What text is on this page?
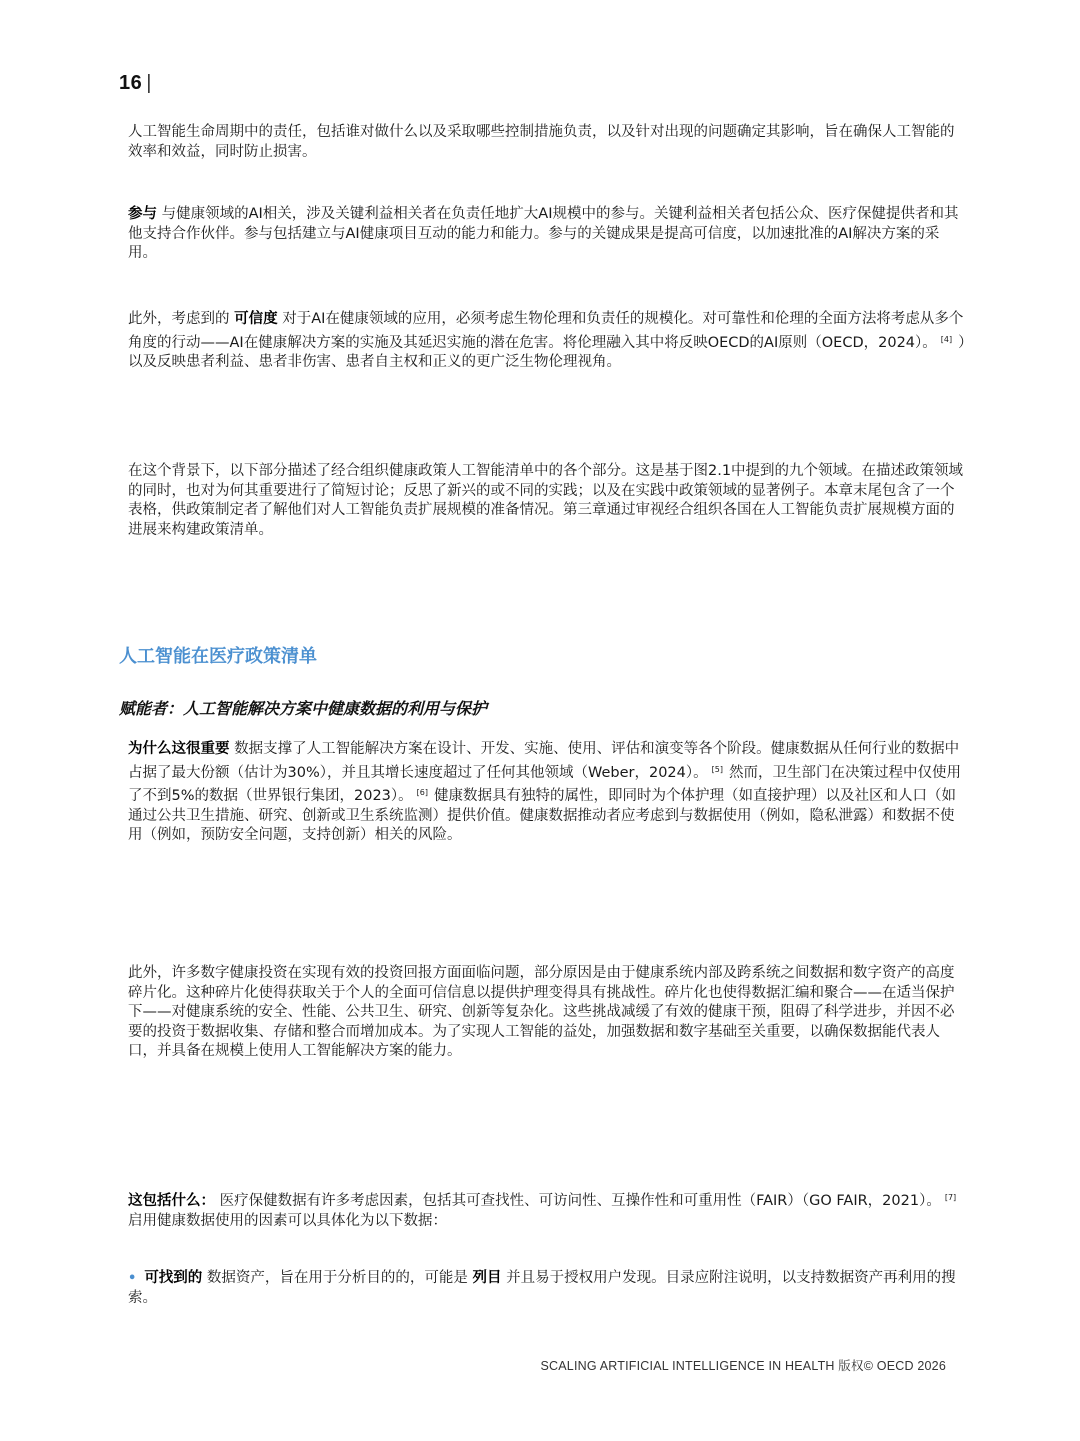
16 |

人工智能生命周期中的责任，包括谁对做什么以及采取哪些控制措施负责，以及针对出现的问题确定其影响，旨在确保人工智能的效率和效益，同时防止损害。

参与 与健康领域的AI相关，涉及关键利益相关者在负责任地扩大AI规模中的参与。关键利益相关者包括公众、医疗保健提供者和其他支持合作伙伴。参与包括建立与AI健康项目互动的能力和能力。参与的关键成果是提高可信度，以加速批准的AI解决方案的采用。

此外，考虑到的 可信度 对于AI在健康领域的应用，必须考虑生物伦理和负责任的规模化。对可靠性和伦理的全面方法将考虑从多个角度的行动——AI在健康解决方案的实施及其延迟实施的潜在危害。将伦理融入其中将反映OECD的AI原则（OECD，2024）。 [4] ）以及反映患者利益、患者非伤害、患者自主权和正义的更广泛生物伦理视角。

在这个背景下，以下部分描述了经合组织健康政策人工智能清单中的各个部分。这是基于图2.1中提到的九个领域。在描述政策领域的同时，也对为何其重要进行了简短讨论；反思了新兴的或不同的实践；以及在实践中政策领域的显著例子。本章末尾包含了一个表格，供政策制定者了解他们对人工智能负责扩展规模的准备情况。第三章通过审视经合组织各国在人工智能负责扩展规模方面的进展来构建政策清单。

人工智能在医疗政策清单
赋能者：人工智能解决方案中健康数据的利用与保护

为什么这很重要 数据支撑了人工智能解决方案在设计、开发、实施、使用、评估和演变等各个阶段。健康数据从任何行业的数据中占据了最大份额（估计为30%），并且其增长速度超过了任何其他领域（Weber，2024）。 [5] 然而，卫生部门在决策过程中仅使用了不到5%的数据（世界银行集团，2023）。 [6] 健康数据具有独特的属性，即同时为个体护理（如直接护理）以及社区和人口（如通过公共卫生措施、研究、创新或卫生系统监测）提供价值。健康数据推动者应考虑到与数据使用（例如，隐私泄露）和数据不使用（例如，预防安全问题，支持创新）相关的风险。

此外，许多数字健康投资在实现有效的投资回报方面面临问题，部分原因是由于健康系统内部及跨系统之间数据和数字资产的高度碎片化。这种碎片化使得获取关于个人的全面可信信息以提供护理变得具有挑战性。碎片化也使得数据汇编和聚合——在适当保护下——对健康系统的安全、性能、公共卫生、研究、创新等复杂化。这些挑战减缓了有效的健康干预，阻碍了科学进步，并因不必要的投资于数据收集、存储和整合而增加成本。为了实现人工智能的益处，加强数据和数字基础至关重要，以确保数据能代表人口，并具备在规模上使用人工智能解决方案的能力。

这包括什么： 医疗保健数据有许多考虑因素，包括其可查找性、可访问性、互操作性和可重用性（FAIR）（GO FAIR，2021）。 [7]启用健康数据使用的因素可以具体化为以下数据：

• 可找到的 数据资产，旨在用于分析目的的，可能是 列目 并且易于授权用户发现。目录应附注说明，以支持数据资产再利用的搜索。

SCALING ARTIFICIAL INTELLIGENCE IN HEALTH 版权© OECD 2026
